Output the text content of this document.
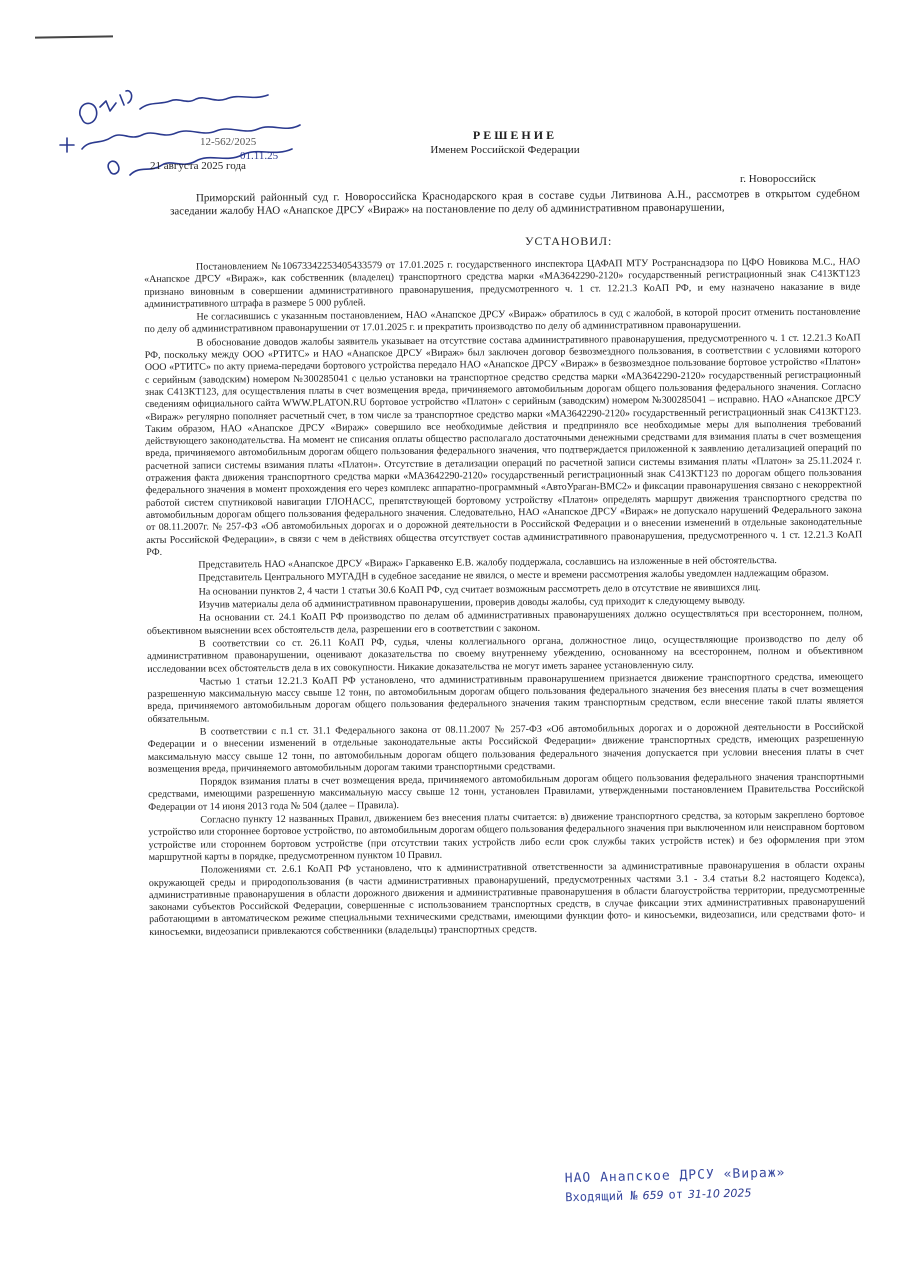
12-562/2025
01.11.25
21 августа 2025 года
РЕШЕНИЕ
Именем Российской Федерации
г. Новороссийск
Приморский районный суд г. Новороссийска Краснодарского края в составе судьи Литвинова А.Н., рассмотрев в открытом судебном заседании жалобу НАО «Анапское ДРСУ «Вираж» на постановление по делу об административном правонарушении,
УСТАНОВИЛ:

Постановлением №10673342253405433579 от 17.01.2025 г. государственного инспектора ЦАФАП МТУ Ространснадзора по ЦФО Новикова М.С., НАО «Анапское ДРСУ «Вираж», как собственник (владелец) транспортного средства марки «МА3642290-2120» государственный регистрационный знак С413КТ123 признано виновным в совершении административного правонарушения, предусмотренного ч. 1 ст. 12.21.3 КоАП РФ, и ему назначено наказание в виде административного штрафа в размере 5 000 рублей.

Не согласившись с указанным постановлением, НАО «Анапское ДРСУ «Вираж» обратилось в суд с жалобой, в которой просит отменить постановление по делу об административном правонарушении от 17.01.2025 г. и прекратить производство по делу об административном правонарушении.

В обоснование доводов жалобы заявитель указывает на отсутствие состава административного правонарушения, предусмотренного ч. 1 ст. 12.21.3 КоАП РФ, поскольку между ООО «РТИТС» и НАО «Анапское ДРСУ «Вираж» был заключен договор безвозмездного пользования, в соответствии с условиями которого ООО «РТИТС» по акту приема-передачи бортового устройства передало НАО «Анапское ДРСУ «Вираж» в безвозмездное пользование бортовое устройство «Платон» с серийным (заводским) номером №300285041 с целью установки на транспортное средство средства марки «МА3642290-2120» государственный регистрационный знак С413КТ123, для осуществления платы в счет возмещения вреда, причиняемого автомобильным дорогам общего пользования федерального значения. Согласно сведениям официального сайта WWW.PLATON.RU бортовое устройство «Платон» с серийным (заводским) номером №300285041 – исправно. НАО «Анапское ДРСУ «Вираж» регулярно пополняет расчетный счет, в том числе за транспортное средство марки «МА3642290-2120» государственный регистрационный знак С413КТ123. Таким образом, НАО «Анапское ДРСУ «Вираж» совершило все необходимые действия и предприняло все необходимые меры для выполнения требований действующего законодательства. На момент не списания оплаты общество располагало достаточными денежными средствами для взимания платы в счет возмещения вреда, причиняемого автомобильным дорогам общего пользования федерального значения, что подтверждается приложенной к заявлению детализацией операций по расчетной записи системы взимания платы «Платон». Отсутствие в детализации операций по расчетной записи системы взимания платы «Платон» за 25.11.2024 г. отражения факта движения транспортного средства марки «МА3642290-2120» государственный регистрационный знак С413КТ123 по дорогам общего пользования федерального значения в момент прохождения его через комплекс аппаратно-программный «АвтоУраган-ВМС2» и фиксации правонарушения связано с некорректной работой систем спутниковой навигации ГЛОНАСС, препятствующей бортовому устройству «Платон» определять маршрут движения транспортного средства по автомобильным дорогам общего пользования федерального значения. Следовательно, НАО «Анапское ДРСУ «Вираж» не допускало нарушений Федерального закона от 08.11.2007г. № 257-ФЗ «Об автомобильных дорогах и о дорожной деятельности в Российской Федерации и о внесении изменений в отдельные законодательные акты Российской Федерации», в связи с чем в действиях общества отсутствует состав административного правонарушения, предусмотренного ч. 1 ст. 12.21.3 КоАП РФ.

Представитель НАО «Анапское ДРСУ «Вираж» Гаркавенко Е.В. жалобу поддержала, сославшись на изложенные в ней обстоятельства.

Представитель Центрального МУГАДН в судебное заседание не явился, о месте и времени рассмотрения жалобы уведомлен надлежащим образом.

На основании пунктов 2, 4 части 1 статьи 30.6 КоАП РФ, суд считает возможным рассмотреть дело в отсутствие не явившихся лиц.

Изучив материалы дела об административном правонарушении, проверив доводы жалобы, суд приходит к следующему выводу.

На основании ст. 24.1 КоАП РФ производство по делам об административных правонарушениях должно осуществляться при всестороннем, полном, объективном выяснении всех обстоятельств дела, разрешении его в соответствии с законом.

В соответствии со ст. 26.11 КоАП РФ, судья, члены коллегиального органа, должностное лицо, осуществляющие производство по делу об административном правонарушении, оценивают доказательства по своему внутреннему убеждению, основанному на всестороннем, полном и объективном исследовании всех обстоятельств дела в их совокупности. Никакие доказательства не могут иметь заранее установленную силу.

Частью 1 статьи 12.21.3 КоАП РФ установлено, что административным правонарушением признается движение транспортного средства, имеющего разрешенную максимальную массу свыше 12 тонн, по автомобильным дорогам общего пользования федерального значения без внесения платы в счет возмещения вреда, причиняемого автомобильным дорогам общего пользования федерального значения таким транспортным средством, если внесение такой платы является обязательным.

В соответствии с п.1 ст. 31.1 Федерального закона от 08.11.2007 № 257-ФЗ «Об автомобильных дорогах и о дорожной деятельности в Российской Федерации и о внесении изменений в отдельные законодательные акты Российской Федерации» движение транспортных средств, имеющих разрешенную максимальную массу свыше 12 тонн, по автомобильным дорогам общего пользования федерального значения допускается при условии внесения платы в счет возмещения вреда, причиняемого автомобильным дорогам такими транспортными средствами.

Порядок взимания платы в счет возмещения вреда, причиняемого автомобильным дорогам общего пользования федерального значения транспортными средствами, имеющими разрешенную максимальную массу свыше 12 тонн, установлен Правилами, утвержденными постановлением Правительства Российской Федерации от 14 июня 2013 года № 504 (далее – Правила).

Согласно пункту 12 названных Правил, движением без внесения платы считается: в) движение транспортного средства, за которым закреплено бортовое устройство или стороннее бортовое устройство, по автомобильным дорогам общего пользования федерального значения при выключенном или неисправном бортовом устройстве или стороннем бортовом устройстве (при отсутствии таких устройств либо если срок службы таких устройств истек) и без оформления при этом маршрутной карты в порядке, предусмотренном пунктом 10 Правил.

Положениями ст. 2.6.1 КоАП РФ установлено, что к административной ответственности за административные правонарушения в области охраны окружающей среды и природопользования (в части административных правонарушений, предусмотренных частями 3.1 - 3.4 статьи 8.2 настоящего Кодекса), административные правонарушения в области дорожного движения и административные правонарушения в области благоустройства территории, предусмотренные законами субъектов Российской Федерации, совершенные с использованием транспортных средств, в случае фиксации этих административных правонарушений работающими в автоматическом режиме специальными техническими средствами, имеющими функции фото- и киносъемки, видеозаписи, или средствами фото- и киносъемки, видеозаписи привлекаются собственники (владельцы) транспортных средств.

НАО Анапское ДРСУ «Вираж»
Входящий № 659 от 31-10 2025
